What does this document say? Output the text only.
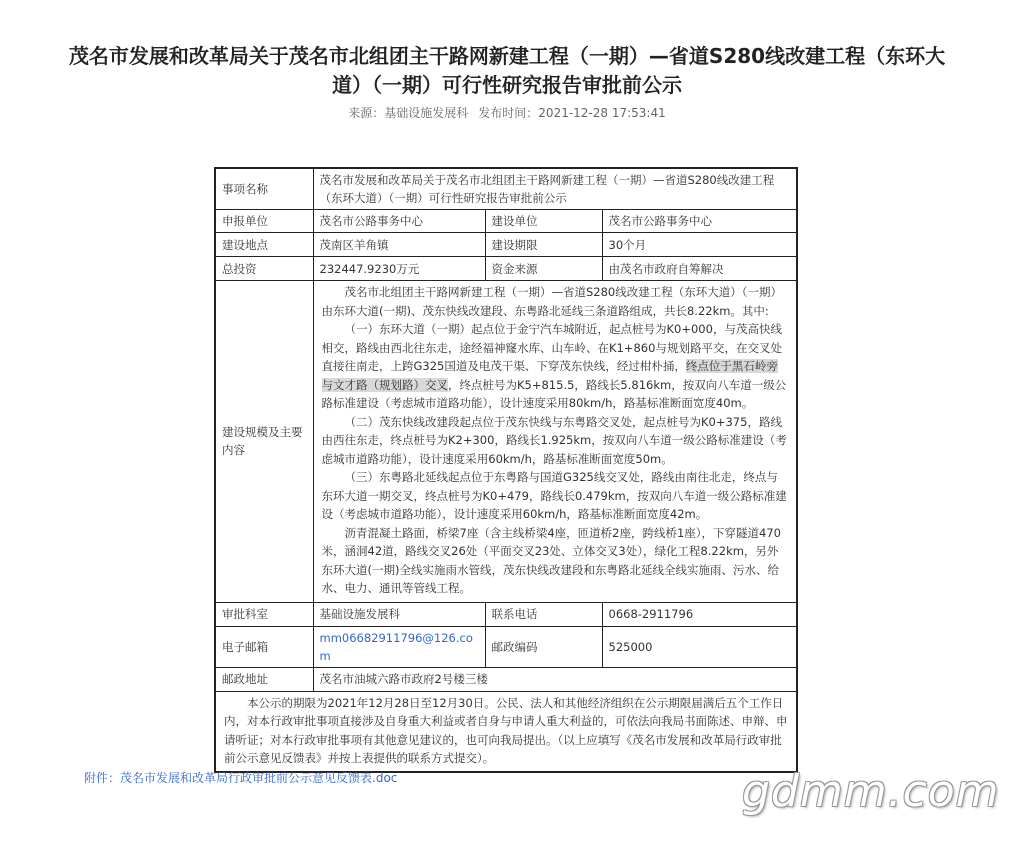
茂名市发展和改革局关于茂名市北组团主干路网新建工程（一期）—省道S280线改建工程（东环大道）（一期）可行性研究报告审批前公示
来源：基础设施发展科 发布时间：2021-12-28 17:53:41
事项名称	茂名市发展和改革局关于茂名市北组团主干路网新建工程（一期）—省道S280线改建工程（东环大道）（一期）可行性研究报告审批前公示		
申报单位	茂名市公路事务中心	建设单位	茂名市公路事务中心
建设地点	茂南区羊角镇	建设期限	30个月
总投资	232447.9230万元	资金来源	由茂名市政府自筹解决
建设规模及主要内容	茂名市北组团主干路网新建工程（一期）—省道S280线改建工程（东环大道）（一期）由东环大道(一期)、茂东快线改建段、东粤路北延线三条道路组成，共长8.22km。其中:

（一）东环大道（一期）起点位于金宁汽车城附近，起点桩号为K0+000，与茂高快线相交，路线由西北往东走，途经福神窿水库、山车岭、在K1+860与规划路平交，在交叉处直接往南走，上跨G325国道及电茂干渠、下穿茂东快线，经过柑朴捅，终点位于黑石岭旁与文才路（规划路）交叉，终点桩号为K5+815.5，路线长5.816km，按双向八车道一级公路标准建设（考虑城市道路功能），设计速度采用80km/h，路基标准断面宽度40m。

（二）茂东快线改建段起点位于茂东快线与东粤路交叉处，起点桩号为K0+375，路线由西往东走，终点桩号为K2+300，路线长1.925km，按双向八车道一级公路标准建设（考虑城市道路功能），设计速度采用60km/h，路基标准断面宽度50m。

（三）东粤路北延线起点位于东粤路与国道G325线交叉处，路线由南往北走，终点与东环大道一期交叉，终点桩号为K0+479，路线长0.479km，按双向八车道一级公路标准建设（考虑城市道路功能），设计速度采用60km/h，路基标准断面宽度42m。

沥青混凝土路面，桥梁7座（含主线桥梁4座，匝道桥2座，跨线桥1座），下穿隧道470米，涵洞42道，路线交叉26处（平面交叉23处、立体交叉3处），绿化工程8.22km，另外东环大道(一期)全线实施雨水管线，茂东快线改建段和东粤路北延线全线实施雨、污水、给水、电力、通讯等管线工程。		

审批科室	基础设施发展科	联系电话	0668-2911796
电子邮箱	mm06682911796@126.com	邮政编码	525000
邮政地址	茂名市油城六路市政府2号楼三楼		

本公示的期限为2021年12月28日至12月30日。公民、法人和其他经济组织在公示期限届满后五个工作日内，对本行政审批事项直接涉及自身重大利益或者自身与申请人重大利益的，可依法向我局书面陈述、申辩、申请听证；对本行政审批事项有其他意见建议的，也可向我局提出。（以上应填写《茂名市发展和改革局行政审批前公示意见反馈表》并按上表提供的联系方式提交）。			

附件：茂名市发展和改革局行政审批前公示意见反馈表.doc	gdmm.com
